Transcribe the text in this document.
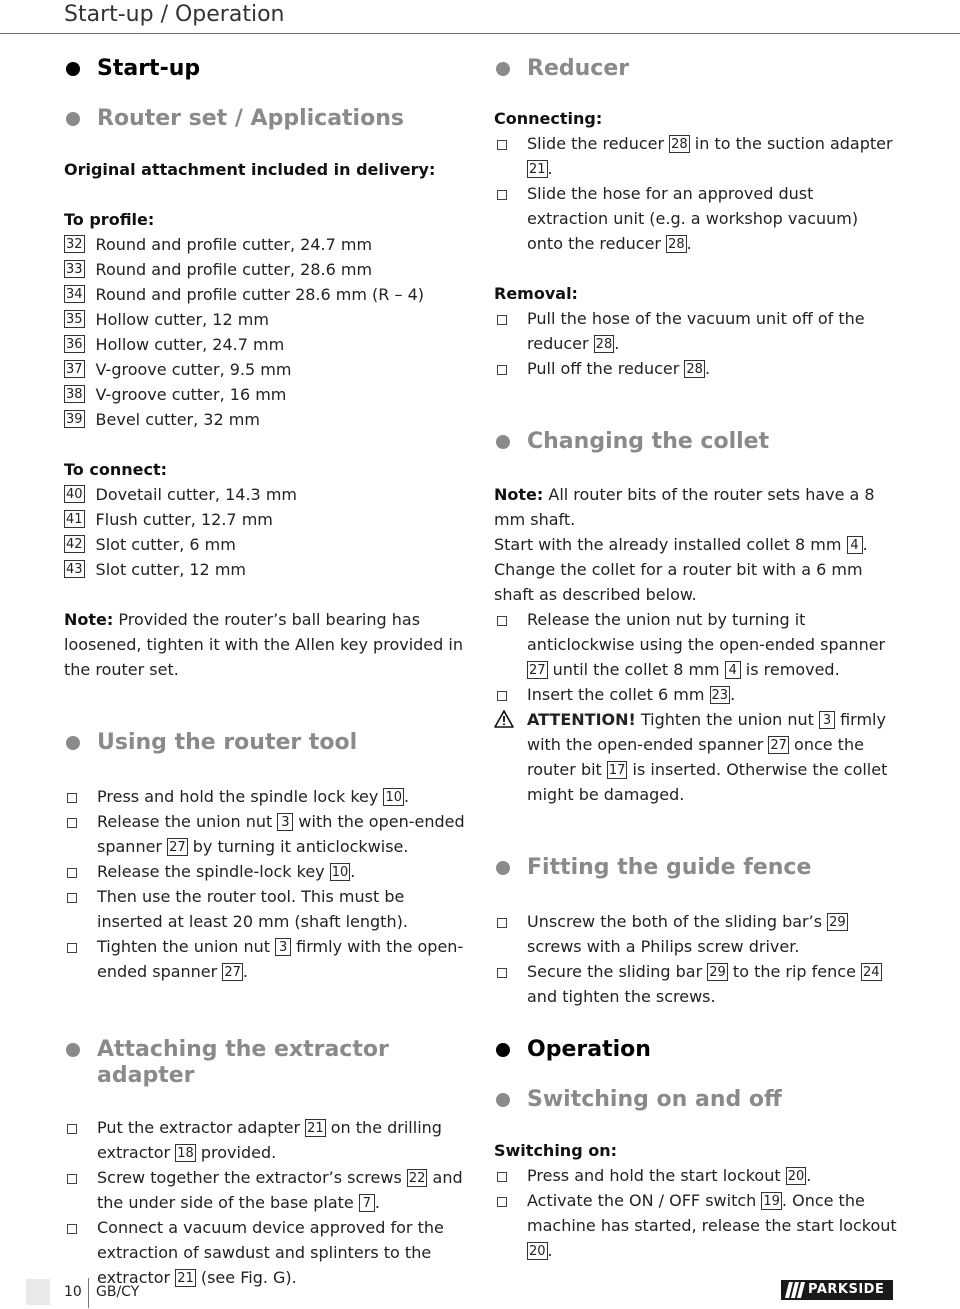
Start-up / Operation
Start-up
Router set / Applications
Original attachment included in delivery:
To profile:
32 Round and profile cutter, 24.7 mm
33 Round and profile cutter, 28.6 mm
34 Round and profile cutter 28.6 mm (R – 4)
35 Hollow cutter, 12 mm
36 Hollow cutter, 24.7 mm
37 V-groove cutter, 9.5 mm
38 V-groove cutter, 16 mm
39 Bevel cutter, 32 mm
To connect:
40 Dovetail cutter, 14.3 mm
41 Flush cutter, 12.7 mm
42 Slot cutter, 6 mm
43 Slot cutter, 12 mm
Note: Provided the router’s ball bearing has loosened, tighten it with the Allen key provided in the router set.
Using the router tool
Press and hold the spindle lock key 10 .
Release the union nut 3 with the open-ended spanner 27 by turning it anticlockwise.
Release the spindle-lock key 10 .
Then use the router tool. This must be inserted at least 20 mm (shaft length).
Tighten the union nut 3 firmly with the open-ended spanner 27 .
Reducer
Connecting:
Slide the reducer 28 in to the suction adapter 21 .
Slide the hose for an approved dust extraction unit (e.g. a workshop vacuum) onto the reducer 28 .
Removal:
Pull the hose of the vacuum unit off of the reducer 28 .
Pull off the reducer 28 .
Changing the collet
Note: All router bits of the router sets have a 8 mm shaft.
Start with the already installed collet 8 mm 4 .
Change the collet for a router bit with a 6 mm shaft as described below.
Release the union nut by turning it anticlockwise using the open-ended spanner 27 until the collet 8 mm 4 is removed.
Insert the collet 6 mm 23 .
ATTENTION! Tighten the union nut 3 firmly with the open-ended spanner 27 once the router bit 17 is inserted. Otherwise the collet might be damaged.
Fitting the guide fence
Unscrew the both of the sliding bar’s 29 screws with a Philips screw driver.
Secure the sliding bar 29 to the rip fence 24 and tighten the screws.
Attaching the extractor adapter
Put the extractor adapter 21 on the drilling extractor 18 provided.
Screw together the extractor’s screws 22 and the under side of the base plate 7 .
Connect a vacuum device approved for the extraction of sawdust and splinters to the extractor 21 (see Fig. G).
Operation
Switching on and off
Switching on:
Press and hold the start lockout 20 .
Activate the ON / OFF switch 19 . Once the machine has started, release the start lockout 20 .
10 GB/CY	PARKSIDE
